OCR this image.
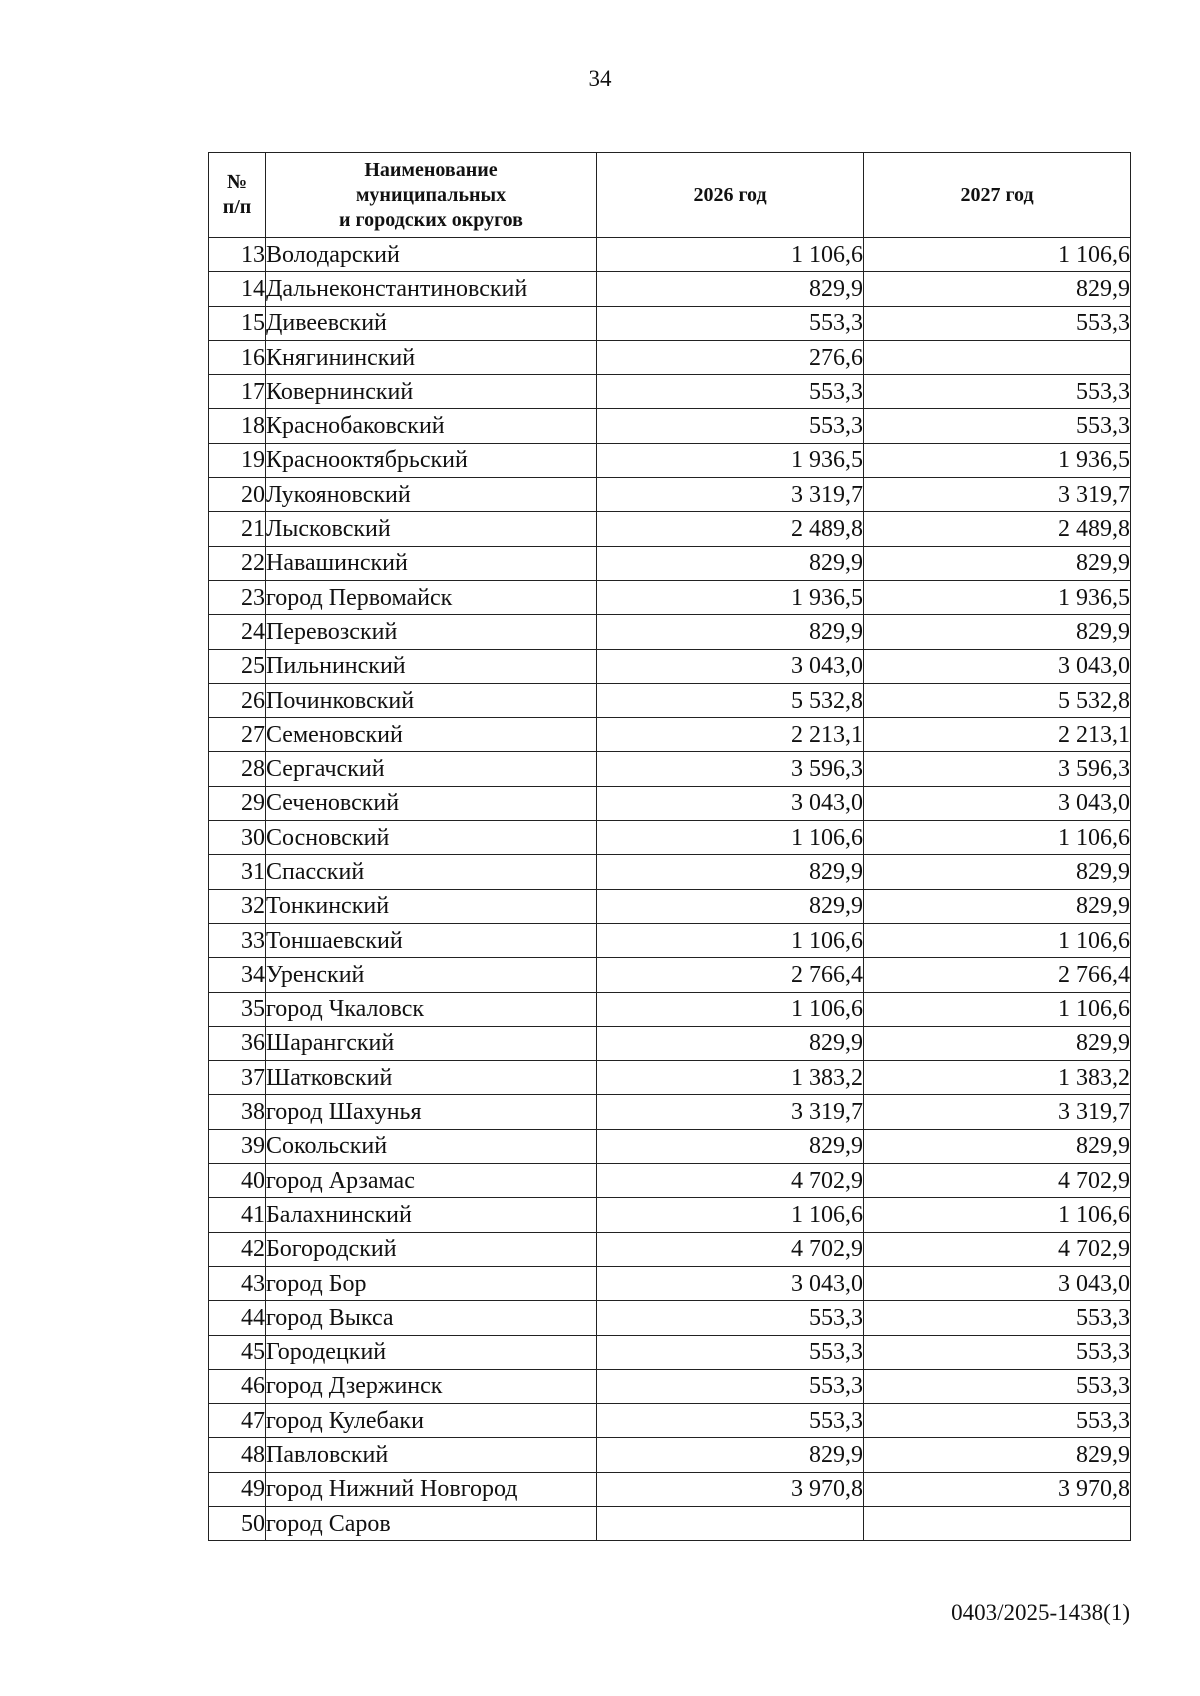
34
№
п/п	Наименование
муниципальных
и городских округов	2026 год	2027 год
13	Володарский	1 106,6	1 106,6
14	Дальнеконстантиновский	829,9	829,9
15	Дивеевский	553,3	553,3
16	Княгининский	276,6	
17	Ковернинский	553,3	553,3
18	Краснобаковский	553,3	553,3
19	Краснооктябрьский	1 936,5	1 936,5
20	Лукояновский	3 319,7	3 319,7
21	Лысковский	2 489,8	2 489,8
22	Навашинский	829,9	829,9
23	город Первомайск	1 936,5	1 936,5
24	Перевозский	829,9	829,9
25	Пильнинский	3 043,0	3 043,0
26	Починковский	5 532,8	5 532,8
27	Семеновский	2 213,1	2 213,1
28	Сергачский	3 596,3	3 596,3
29	Сеченовский	3 043,0	3 043,0
30	Сосновский	1 106,6	1 106,6
31	Спасский	829,9	829,9
32	Тонкинский	829,9	829,9
33	Тоншаевский	1 106,6	1 106,6
34	Уренский	2 766,4	2 766,4
35	город Чкаловск	1 106,6	1 106,6
36	Шарангский	829,9	829,9
37	Шатковский	1 383,2	1 383,2
38	город Шахунья	3 319,7	3 319,7
39	Сокольский	829,9	829,9
40	город Арзамас	4 702,9	4 702,9
41	Балахнинский	1 106,6	1 106,6
42	Богородский	4 702,9	4 702,9
43	город Бор	3 043,0	3 043,0
44	город Выкса	553,3	553,3
45	Городецкий	553,3	553,3
46	город Дзержинск	553,3	553,3
47	город Кулебаки	553,3	553,3
48	Павловский	829,9	829,9
49	город Нижний Новгород	3 970,8	3 970,8
50	город Саров		
0403/2025-1438(1)
